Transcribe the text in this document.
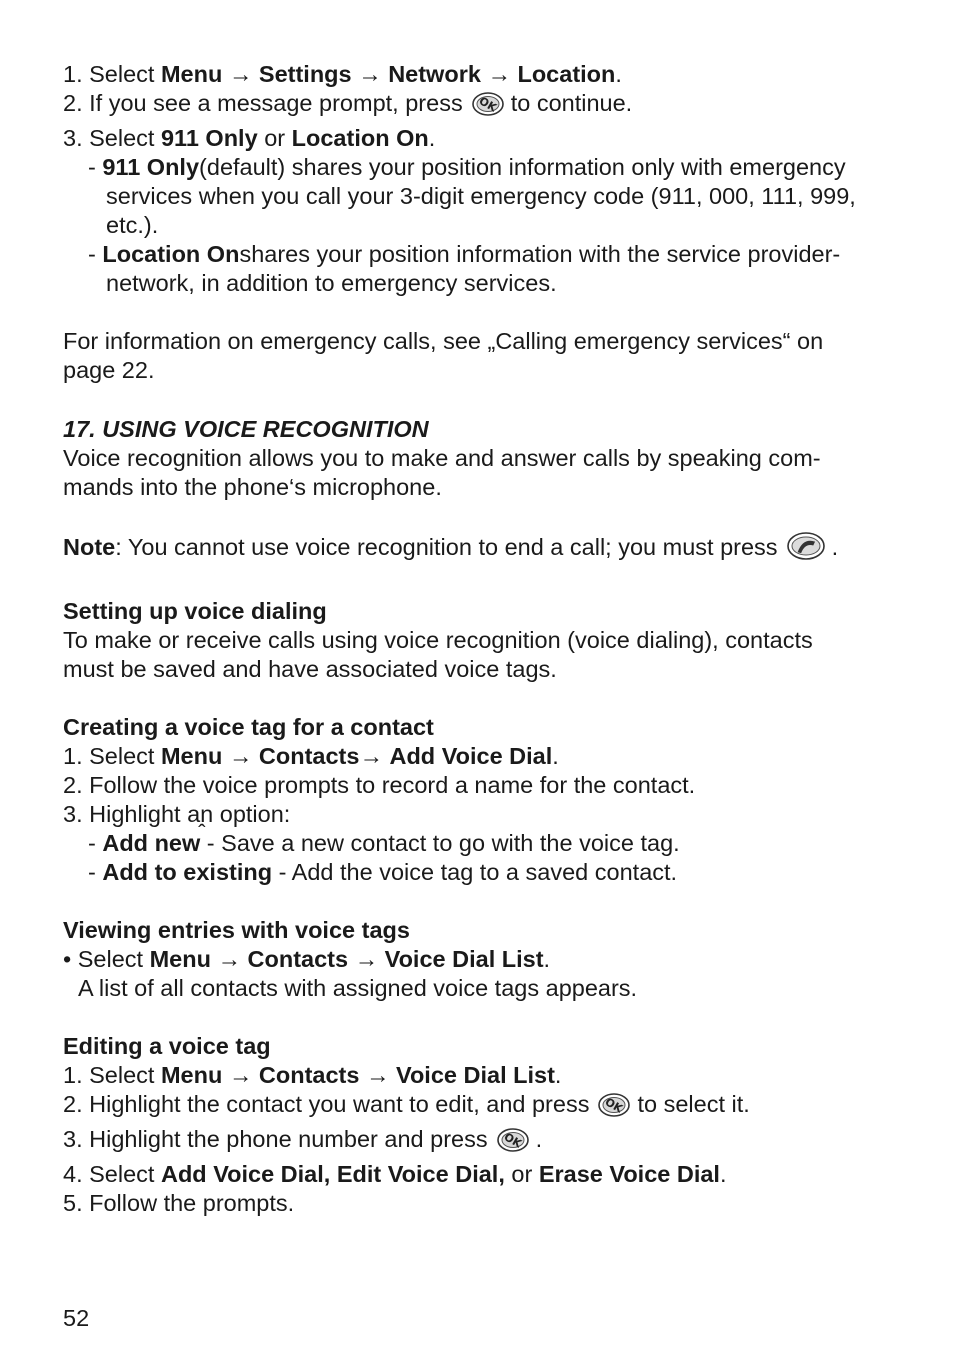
1. Select Menu → Settings → Network → Location.
2. If you see a message prompt, press OK to continue.
3. Select 911 Only or Location On.
- 911 Only(default) shares your position information only with emergency
services when you call your 3-digit emergency code (911, 000, 111, 999,
etc.).
- Location Onshares your position information with the service provider-
network, in addition to emergency services.
For information on emergency calls, see „Calling emergency services“ on
page 22.
17. USING VOICE RECOGNITION
Voice recognition allows you to make and answer calls by speaking com-
mands into the phone‘s microphone.
Note: You cannot use voice recognition to end a call; you must press .
Setting up voice dialing
To make or receive calls using voice recognition (voice dialing), contacts
must be saved and have associated voice tags.
Creating a voice tag for a contact
1. Select Menu → Contacts→ Add Voice Dial.
2. Follow the voice prompts to record a name for the contact.
3. Highlight an option:
- Add new - Save a new contact to go with the voice tag. ˆ
- Add to existing - Add the voice tag to a saved contact.
Viewing entries with voice tags
• Select Menu → Contacts → Voice Dial List.
A list of all contacts with assigned voice tags appears.
Editing a voice tag
1. Select Menu → Contacts → Voice Dial List.
2. Highlight the contact you want to edit, and press OK to select it.
3. Highlight the phone number and press OK .
4. Select Add Voice Dial, Edit Voice Dial, or Erase Voice Dial.
5. Follow the prompts.
52
